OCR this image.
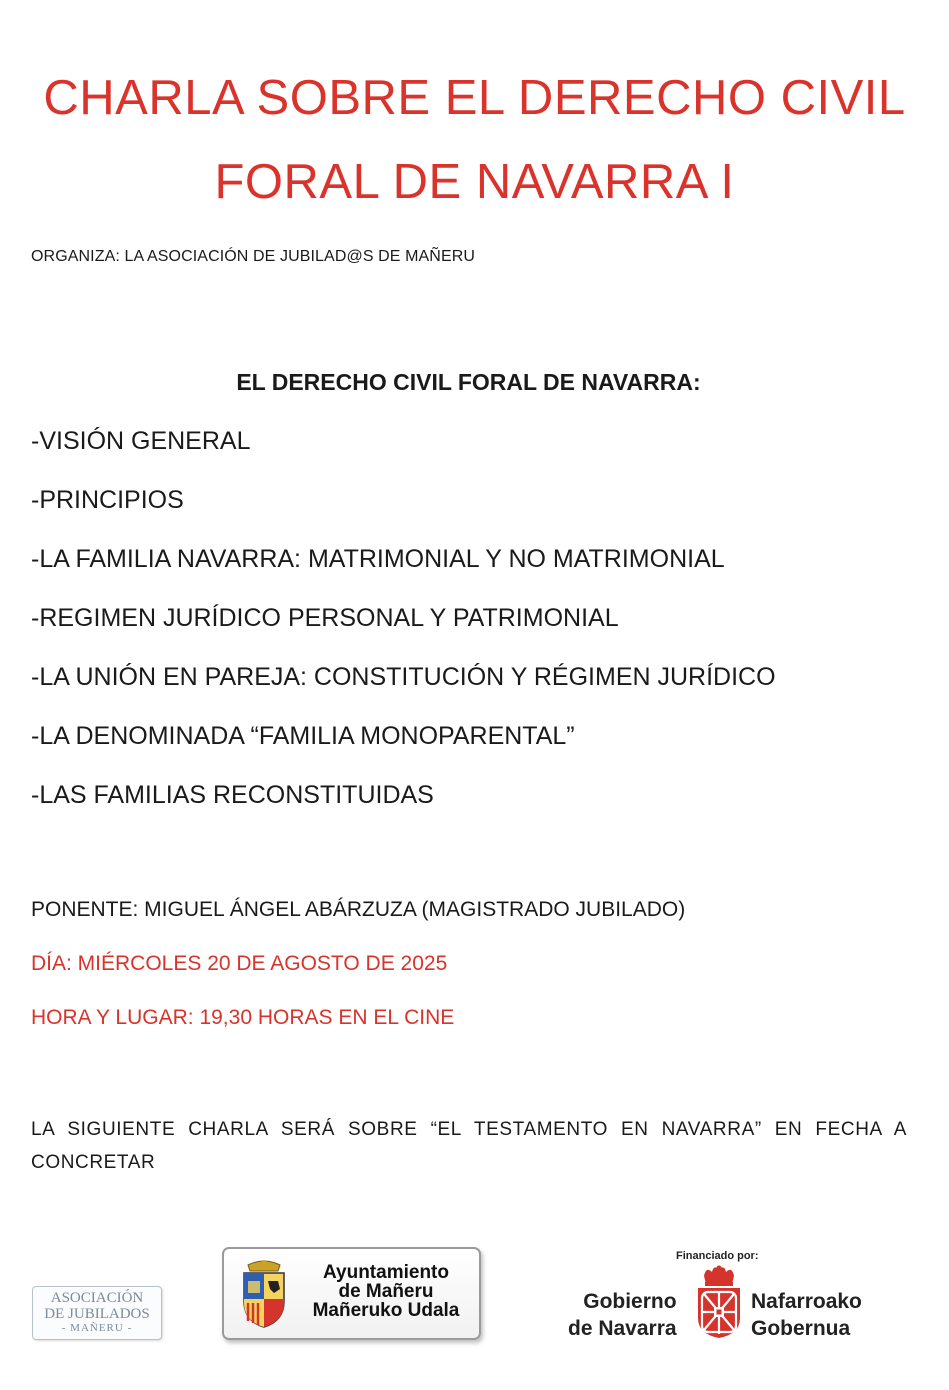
CHARLA SOBRE EL DERECHO CIVIL
FORAL DE NAVARRA I
ORGANIZA: LA ASOCIACIÓN DE JUBILAD@S DE MAÑERU
EL DERECHO CIVIL FORAL DE NAVARRA:
-VISIÓN GENERAL
-PRINCIPIOS
-LA FAMILIA NAVARRA: MATRIMONIAL Y NO MATRIMONIAL
-REGIMEN JURÍDICO PERSONAL Y PATRIMONIAL
-LA UNIÓN EN PAREJA: CONSTITUCIÓN Y RÉGIMEN JURÍDICO
-LA DENOMINADA “FAMILIA MONOPARENTAL”
-LAS FAMILIAS RECONSTITUIDAS
PONENTE: MIGUEL ÁNGEL ABÁRZUZA (MAGISTRADO JUBILADO)
DÍA: MIÉRCOLES 20 DE AGOSTO DE 2025
HORA Y LUGAR: 19,30 HORAS EN EL CINE
LA SIGUIENTE CHARLA SERÁ SOBRE “EL TESTAMENTO EN NAVARRA” EN FECHA A CONCRETAR
ASOCIACIÓN
DE JUBILADOS
- MAÑERU -
Ayuntamiento
de Mañeru
Mañeruko Udala
Financiado por:
Gobierno
de Navarra
Nafarroako
Gobernua
